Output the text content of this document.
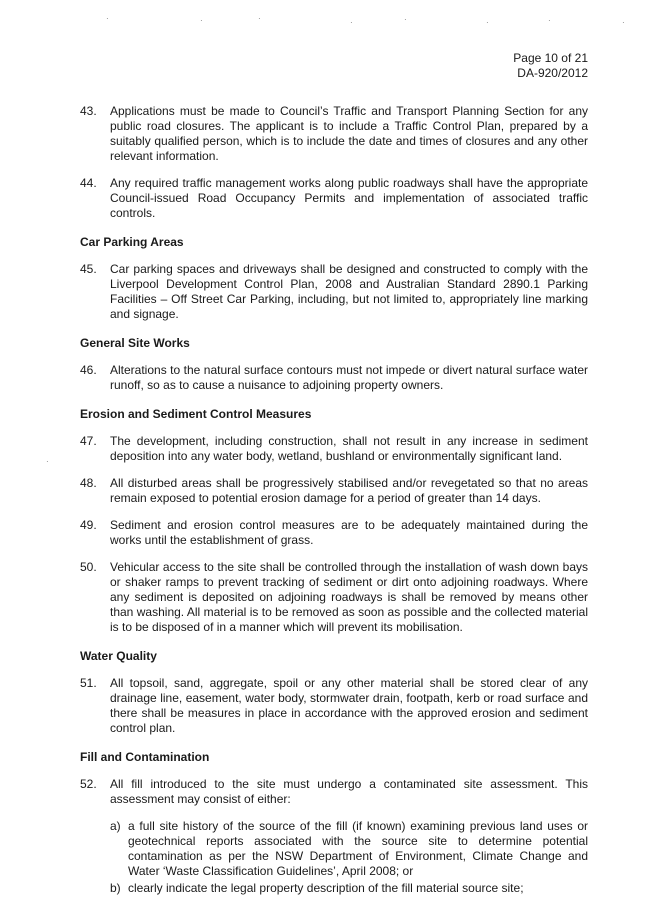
·	·	·	·	·	·	·	·
·
Page 10 of 21
DA-920/2012
43. Applications must be made to Council’s Traffic and Transport Planning Section for any public road closures. The applicant is to include a Traffic Control Plan, prepared by a suitably qualified person, which is to include the date and times of closures and any other relevant information.
44. Any required traffic management works along public roadways shall have the appropriate Council-issued Road Occupancy Permits and implementation of associated traffic controls.
Car Parking Areas
45. Car parking spaces and driveways shall be designed and constructed to comply with the Liverpool Development Control Plan, 2008 and Australian Standard 2890.1 Parking Facilities – Off Street Car Parking, including, but not limited to, appropriately line marking and signage.
General Site Works
46. Alterations to the natural surface contours must not impede or divert natural surface water runoff, so as to cause a nuisance to adjoining property owners.
Erosion and Sediment Control Measures
47. The development, including construction, shall not result in any increase in sediment deposition into any water body, wetland, bushland or environmentally significant land.
48. All disturbed areas shall be progressively stabilised and/or revegetated so that no areas remain exposed to potential erosion damage for a period of greater than 14 days.
49. Sediment and erosion control measures are to be adequately maintained during the works until the establishment of grass.
50. Vehicular access to the site shall be controlled through the installation of wash down bays or shaker ramps to prevent tracking of sediment or dirt onto adjoining roadways. Where any sediment is deposited on adjoining roadways is shall be removed by means other than washing. All material is to be removed as soon as possible and the collected material is to be disposed of in a manner which will prevent its mobilisation.
Water Quality
51. All topsoil, sand, aggregate, spoil or any other material shall be stored clear of any drainage line, easement, water body, stormwater drain, footpath, kerb or road surface and there shall be measures in place in accordance with the approved erosion and sediment control plan.
Fill and Contamination
52. All fill introduced to the site must undergo a contaminated site assessment. This assessment may consist of either:
a) a full site history of the source of the fill (if known) examining previous land uses or geotechnical reports associated with the source site to determine potential contamination as per the NSW Department of Environment, Climate Change and Water ‘Waste Classification Guidelines’, April 2008; or
b) clearly indicate the legal property description of the fill material source site;
